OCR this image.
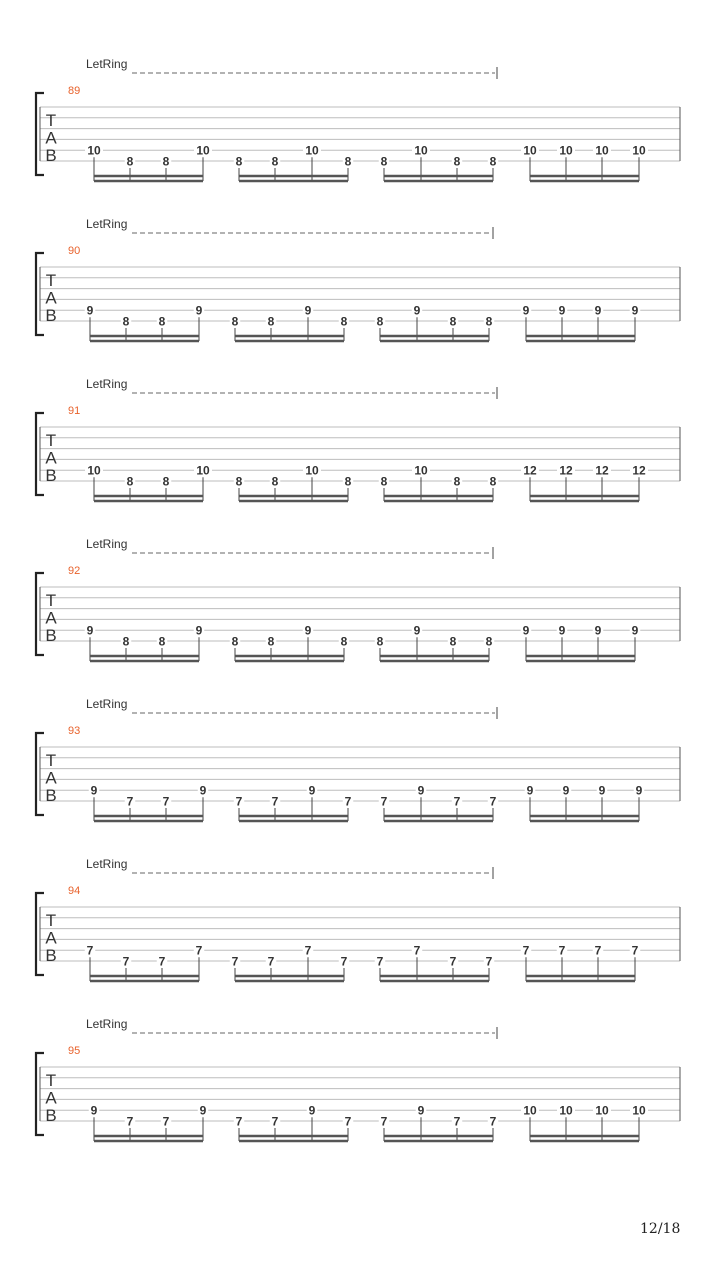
LetRing
89
T
A
B	10
8 8
10
8 8
10
8 8
10
8 8
10 10 10 10
LetRing
90
T
A
B 9
8 8
9
8 8
9
8 8
9
8 8
9 9 9	9
LetRing
91
T
A
B	10
8 8
10
8 8
10
8 8
10
8 8
12 12 12 12
LetRing
92
T
A
B 9
8 8
9
8 8
9
8 8
9
8 8
9 9 9	9
LetRing
93
T
A
B	9
7 7
9
7 7
9
7 7
9
7 7
9 9 9	9
LetRing
94
T
A
B 7
7 7
7
7 7
7
7 7
7
7 7
7 7 7	7
LetRing
95
T
A
B	9
7 7
9
7 7
9
7 7
9
7 7
10 10 10 10
12/18
